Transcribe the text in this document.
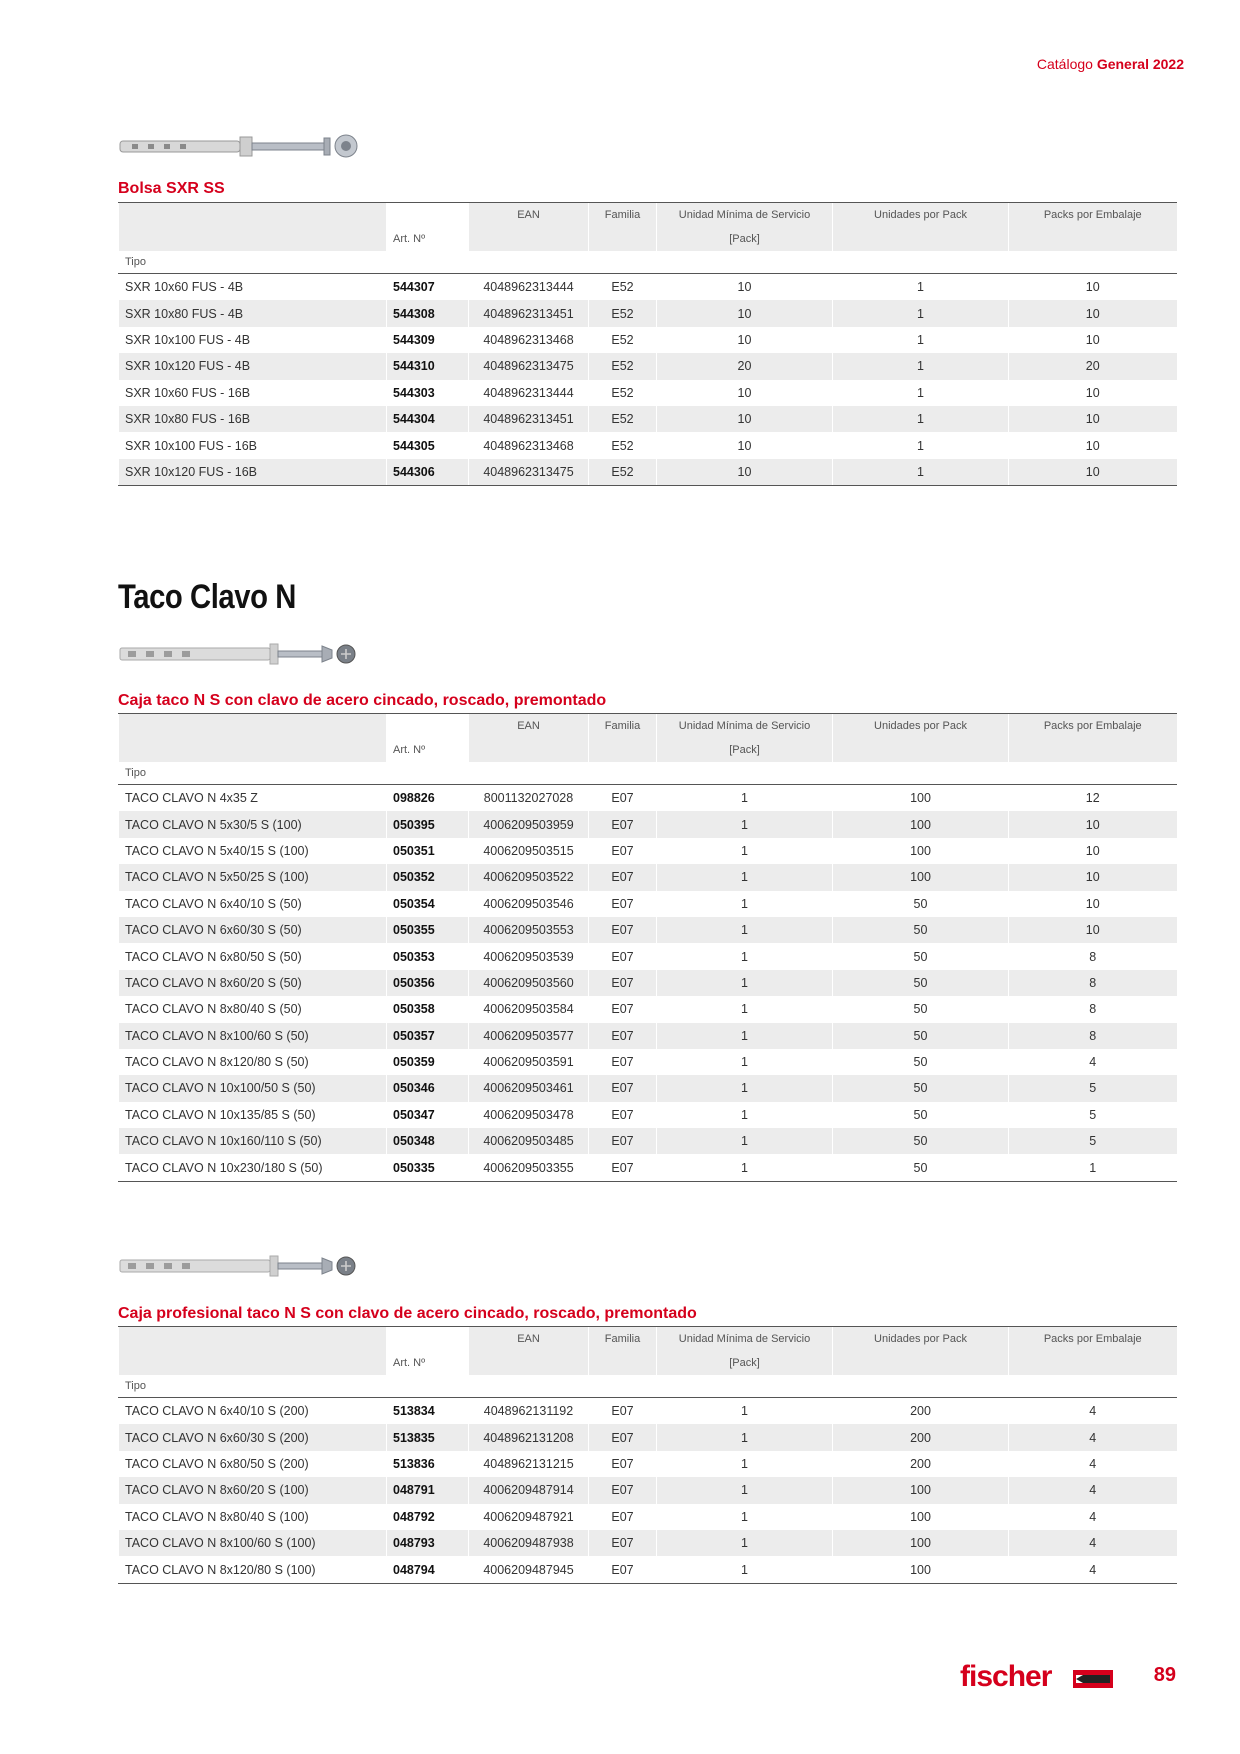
Catálogo General 2022
Bolsa SXR SS
		EAN	Familia	Unidad Mínima de Servicio	Unidades por Pack	Packs por Embalaje
	Art. Nº			[Pack]		
Tipo						
SXR 10x60 FUS - 4B	544307	4048962313444	E52	10	1	10
SXR 10x80 FUS - 4B	544308	4048962313451	E52	10	1	10
SXR 10x100 FUS - 4B	544309	4048962313468	E52	10	1	10
SXR 10x120 FUS - 4B	544310	4048962313475	E52	20	1	20
SXR 10x60 FUS - 16B	544303	4048962313444	E52	10	1	10
SXR 10x80 FUS - 16B	544304	4048962313451	E52	10	1	10
SXR 10x100 FUS - 16B	544305	4048962313468	E52	10	1	10
SXR 10x120 FUS - 16B	544306	4048962313475	E52	10	1	10
Taco Clavo N
Caja taco N S con clavo de acero cincado, roscado, premontado
		EAN	Familia	Unidad Mínima de Servicio	Unidades por Pack	Packs por Embalaje
	Art. Nº			[Pack]		
Tipo						
TACO CLAVO N 4x35 Z	098826	8001132027028	E07	1	100	12
TACO CLAVO N 5x30/5 S (100)	050395	4006209503959	E07	1	100	10
TACO CLAVO N 5x40/15 S (100)	050351	4006209503515	E07	1	100	10
TACO CLAVO N 5x50/25 S (100)	050352	4006209503522	E07	1	100	10
TACO CLAVO N 6x40/10 S (50)	050354	4006209503546	E07	1	50	10
TACO CLAVO N 6x60/30 S (50)	050355	4006209503553	E07	1	50	10
TACO CLAVO N 6x80/50 S (50)	050353	4006209503539	E07	1	50	8
TACO CLAVO N 8x60/20 S (50)	050356	4006209503560	E07	1	50	8
TACO CLAVO N 8x80/40 S (50)	050358	4006209503584	E07	1	50	8
TACO CLAVO N 8x100/60 S (50)	050357	4006209503577	E07	1	50	8
TACO CLAVO N 8x120/80 S (50)	050359	4006209503591	E07	1	50	4
TACO CLAVO N 10x100/50 S (50)	050346	4006209503461	E07	1	50	5
TACO CLAVO N 10x135/85 S (50)	050347	4006209503478	E07	1	50	5
TACO CLAVO N 10x160/110 S (50)	050348	4006209503485	E07	1	50	5
TACO CLAVO N 10x230/180 S (50)	050335	4006209503355	E07	1	50	1
Caja profesional taco N S con clavo de acero cincado, roscado, premontado
		EAN	Familia	Unidad Mínima de Servicio	Unidades por Pack	Packs por Embalaje
	Art. Nº			[Pack]		
Tipo						
TACO CLAVO N 6x40/10 S (200)	513834	4048962131192	E07	1	200	4
TACO CLAVO N 6x60/30 S (200)	513835	4048962131208	E07	1	200	4
TACO CLAVO N 6x80/50 S (200)	513836	4048962131215	E07	1	200	4
TACO CLAVO N 8x60/20 S (100)	048791	4006209487914	E07	1	100	4
TACO CLAVO N 8x80/40 S (100)	048792	4006209487921	E07	1	100	4
TACO CLAVO N 8x100/60 S (100)	048793	4006209487938	E07	1	100	4
TACO CLAVO N 8x120/80 S (100)	048794	4006209487945	E07	1	100	4
fischer	89
